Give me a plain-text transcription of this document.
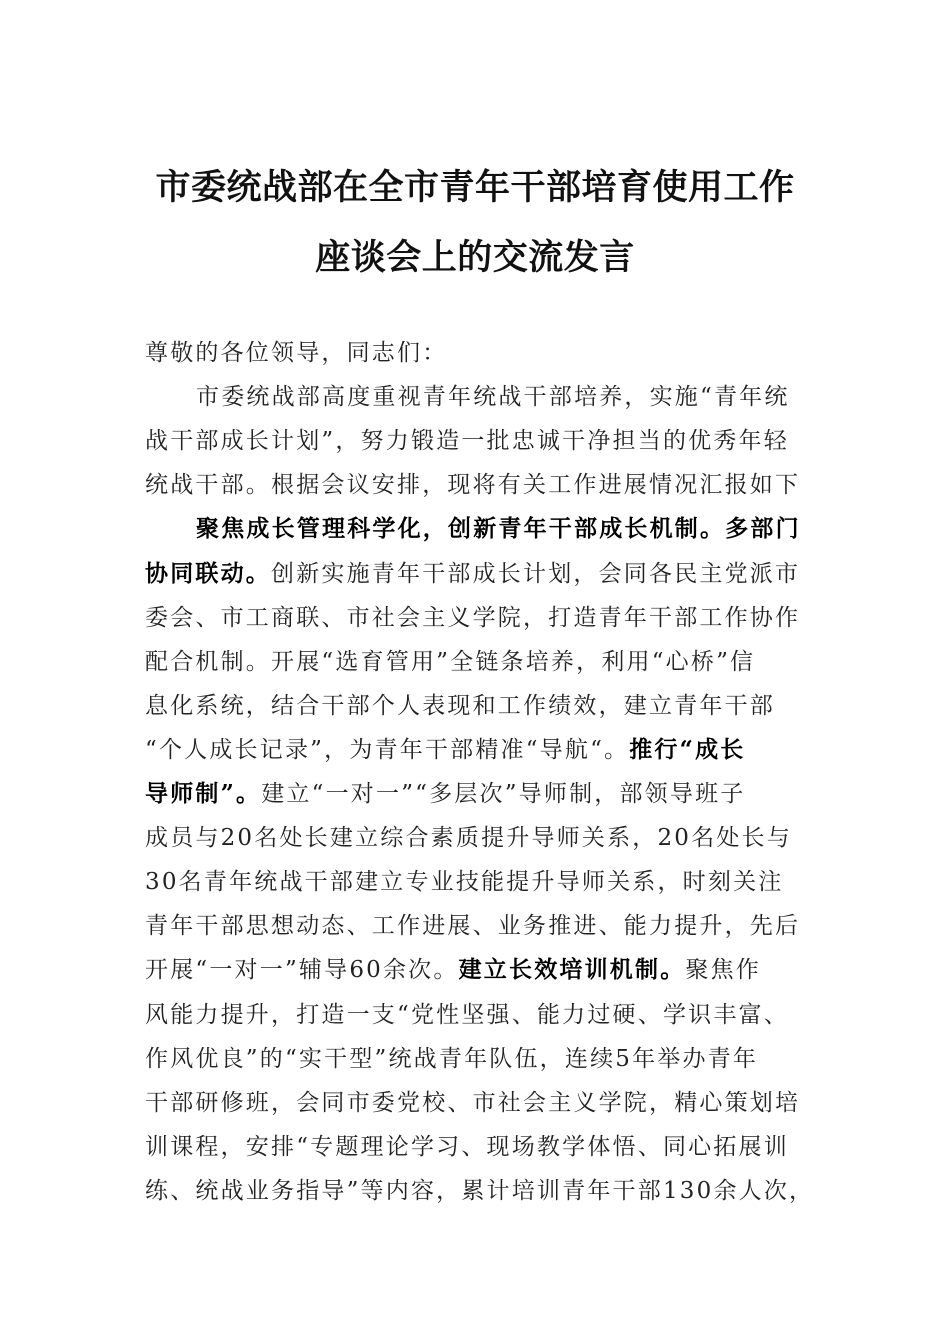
市委统战部在全市青年干部培育使用工作
座谈会上的交流发言
尊敬的各位领导，同志们：
市委统战部高度重视青年统战干部培养，实施“青年统
战干部成长计划”，努力锻造一批忠诚干净担当的优秀年轻
统战干部。根据会议安排，现将有关工作进展情况汇报如下
聚焦成长管理科学化，创新青年干部成长机制。多部门
协同联动。创新实施青年干部成长计划，会同各民主党派市
委会、市工商联、市社会主义学院，打造青年干部工作协作
配合机制。开展“选育管用”全链条培养，利用“心桥”信
息化系统，结合干部个人表现和工作绩效，建立青年干部
“个人成长记录”，为青年干部精准“导航“。推行“成长
导师制”。建立“一对一”“多层次”导师制，部领导班子
成员与20名处长建立综合素质提升导师关系，20名处长与
30名青年统战干部建立专业技能提升导师关系，时刻关注
青年干部思想动态、工作进展、业务推进、能力提升，先后
开展“一对一”辅导60余次。建立长效培训机制。聚焦作
风能力提升，打造一支“党性坚强、能力过硬、学识丰富、
作风优良”的“实干型”统战青年队伍，连续5年举办青年
干部研修班，会同市委党校、市社会主义学院，精心策划培
训课程，安排“专题理论学习、现场教学体悟、同心拓展训
练、统战业务指导”等内容，累计培训青年干部130余人次，
